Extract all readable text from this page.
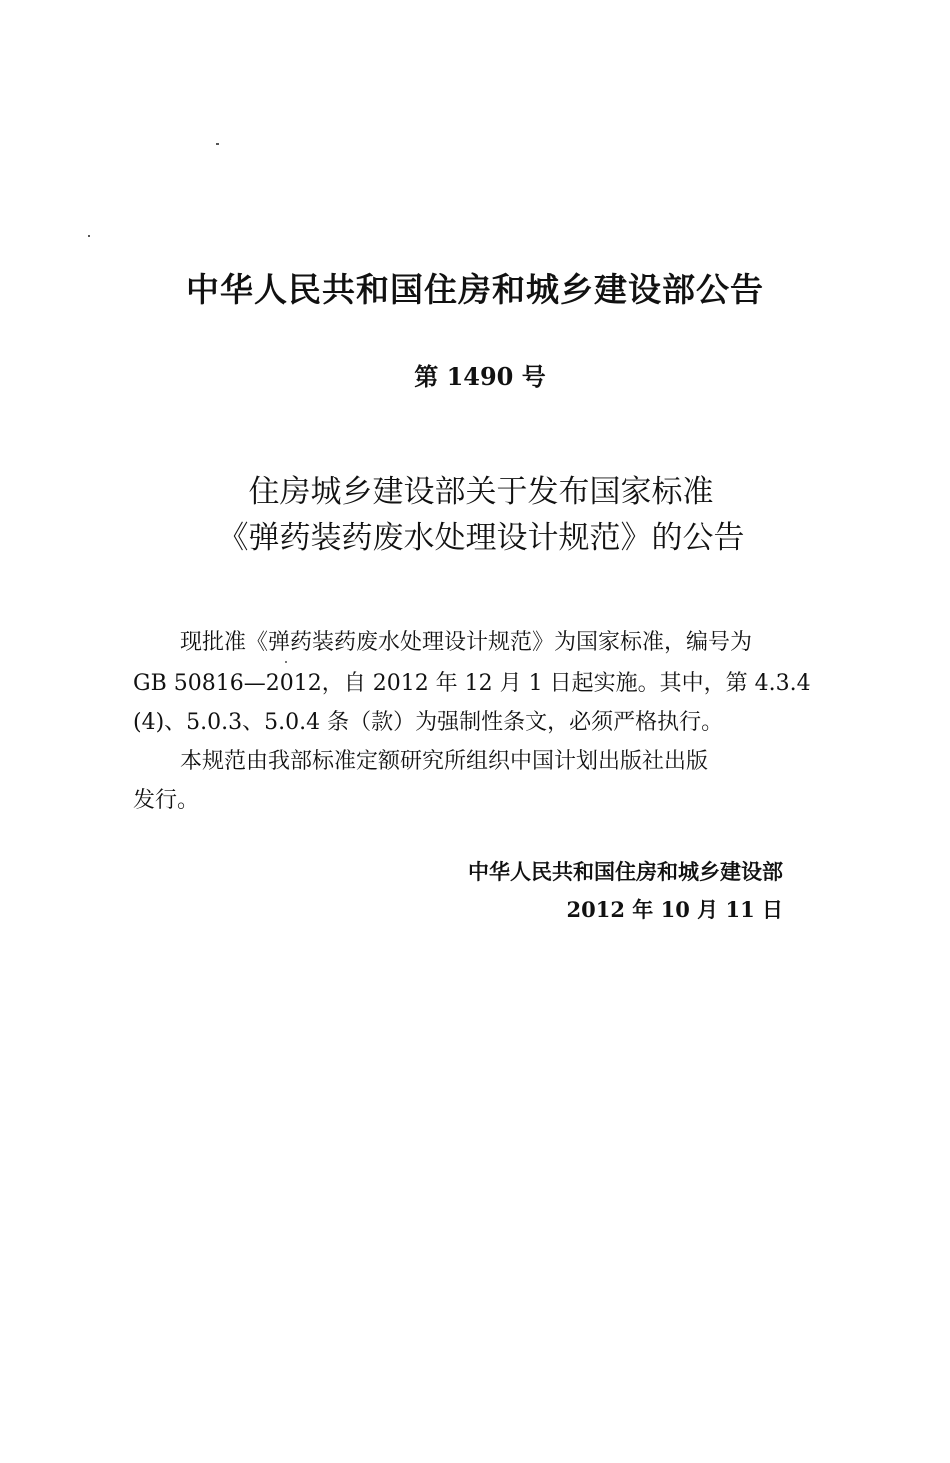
中华人民共和国住房和城乡建设部公告
第 1490 号
住房城乡建设部关于发布国家标准
《弹药装药废水处理设计规范》的公告
现批准《弹药装药废水处理设计规范》为国家标准，编号为
GB 50816—2012，自 2012 年 12 月 1 日起实施。其中，第 4.3.4
(4)、5.0.3、5.0.4 条（款）为强制性条文，必须严格执行。
本规范由我部标准定额研究所组织中国计划出版社出版
发行。
中华人民共和国住房和城乡建设部
2012 年 10 月 11 日
